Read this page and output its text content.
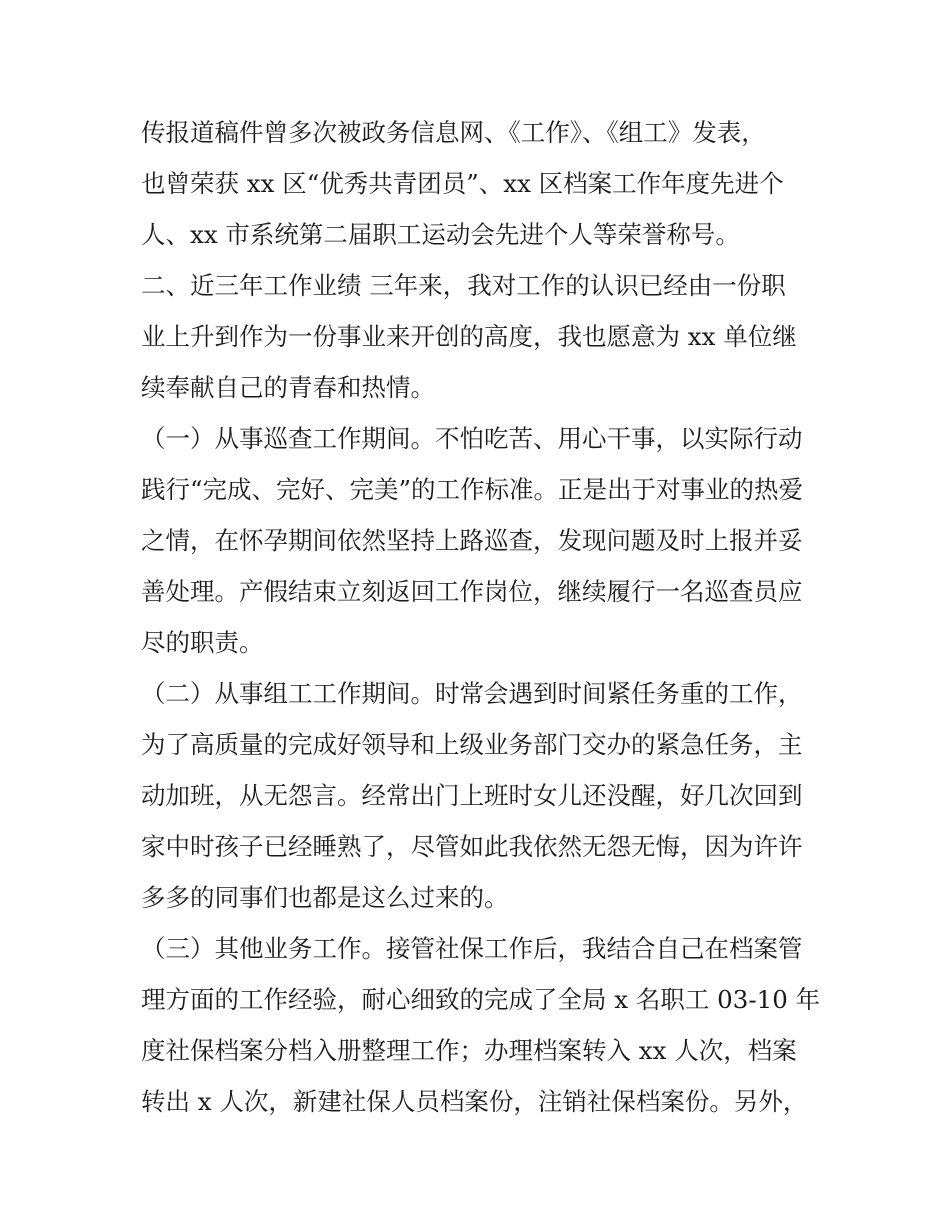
传报道稿件曾多次被政务信息网、《工作》、《组工》发表，
也曾荣获 xx 区“优秀共青团员”、xx 区档案工作年度先进个
人、xx 市系统第二届职工运动会先进个人等荣誉称号。
二、近三年工作业绩 三年来，我对工作的认识已经由一份职
业上升到作为一份事业来开创的高度，我也愿意为 xx 单位继
续奉献自己的青春和热情。
（一）从事巡查工作期间。不怕吃苦、用心干事，以实际行动
践行“完成、完好、完美”的工作标准。正是出于对事业的热爱
之情，在怀孕期间依然坚持上路巡查，发现问题及时上报并妥
善处理。产假结束立刻返回工作岗位，继续履行一名巡查员应
尽的职责。
（二）从事组工工作期间。时常会遇到时间紧任务重的工作，
为了高质量的完成好领导和上级业务部门交办的紧急任务，主
动加班，从无怨言。经常出门上班时女儿还没醒，好几次回到
家中时孩子已经睡熟了，尽管如此我依然无怨无悔，因为许许
多多的同事们也都是这么过来的。
（三）其他业务工作。接管社保工作后，我结合自己在档案管
理方面的工作经验，耐心细致的完成了全局 x 名职工 03-10 年
度社保档案分档入册整理工作；办理档案转入 xx 人次，档案
转出 x 人次，新建社保人员档案份，注销社保档案份。另外，
